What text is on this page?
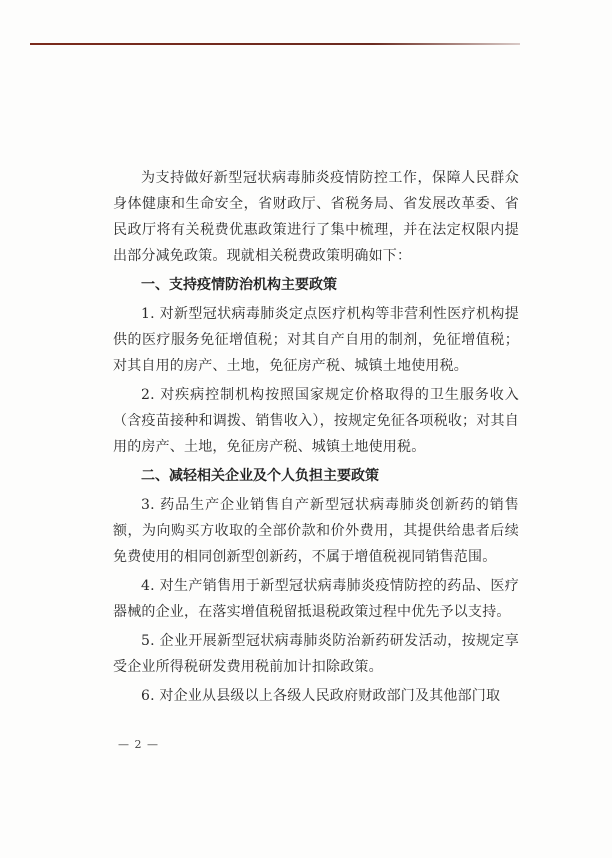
为支持做好新型冠状病毒肺炎疫情防控工作，保障人民群众身体健康和生命安全，省财政厅、省税务局、省发展改革委、省民政厅将有关税费优惠政策进行了集中梳理，并在法定权限内提出部分减免政策。现就相关税费政策明确如下：

一、支持疫情防治机构主要政策

1. 对新型冠状病毒肺炎定点医疗机构等非营利性医疗机构提供的医疗服务免征增值税；对其自产自用的制剂，免征增值税；对其自用的房产、土地，免征房产税、城镇土地使用税。

2. 对疾病控制机构按照国家规定价格取得的卫生服务收入（含疫苗接种和调拨、销售收入），按规定免征各项税收；对其自用的房产、土地，免征房产税、城镇土地使用税。

二、减轻相关企业及个人负担主要政策

3. 药品生产企业销售自产新型冠状病毒肺炎创新药的销售额，为向购买方收取的全部价款和价外费用，其提供给患者后续免费使用的相同创新型创新药，不属于增值税视同销售范围。

4. 对生产销售用于新型冠状病毒肺炎疫情防控的药品、医疗器械的企业，在落实增值税留抵退税政策过程中优先予以支持。

5. 企业开展新型冠状病毒肺炎防治新药研发活动，按规定享受企业所得税研发费用税前加计扣除政策。

6. 对企业从县级以上各级人民政府财政部门及其他部门取

— 2 —
